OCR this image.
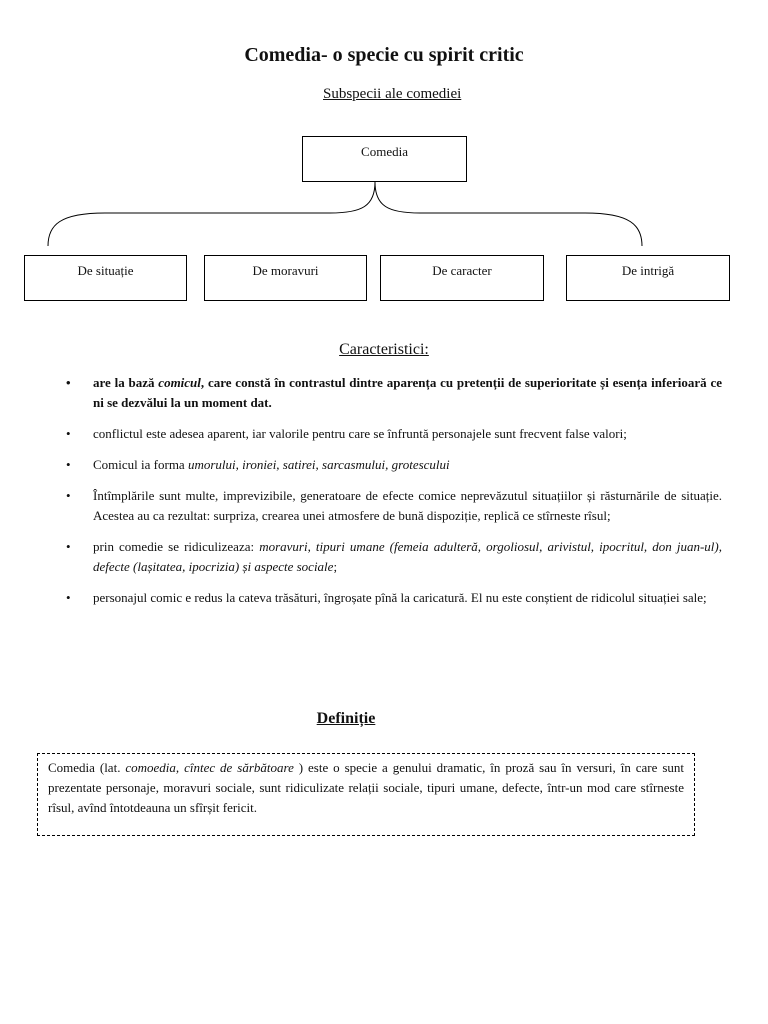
Comedia- o specie cu spirit critic
Subspecii ale comediei
Comedia
De situație	De moravuri	De caracter	De intrigă
Caracteristici:
• are la bază comicul, care constă în contrastul dintre aparența cu pretenții de superioritate și esența inferioară ce ni se dezvălui la un moment dat.
• conflictul este adesea aparent, iar valorile pentru care se înfruntă personajele sunt frecvent false valori;
• Comicul ia forma umorului, ironiei, satirei, sarcasmului, grotescului
• Întîmplările sunt multe, imprevizibile, generatoare de efecte comice neprevăzutul situațiilor și răsturnările de situație. Acestea au ca rezultat: surpriza, crearea unei atmosfere de bună dispoziție, replică ce stîrneste rîsul;
• prin comedie se ridiculizeaza: moravuri, tipuri umane (femeia adulteră, orgoliosul, arivistul, ipocritul, don juan-ul), defecte (lașitatea, ipocrizia) și aspecte sociale;
• personajul comic e redus la cateva trăsături, îngroșate pînă la caricatură. El nu este conștient de ridicolul situației sale;
Definiție
Comedia (lat. comoedia, cîntec de sărbătoare ) este o specie a genului dramatic, în proză sau în versuri, în care sunt prezentate personaje, moravuri sociale, sunt ridiculizate relații sociale, tipuri umane, defecte, într-un mod care stîrneste rîsul, avînd întotdeauna un sfîrșit fericit.
